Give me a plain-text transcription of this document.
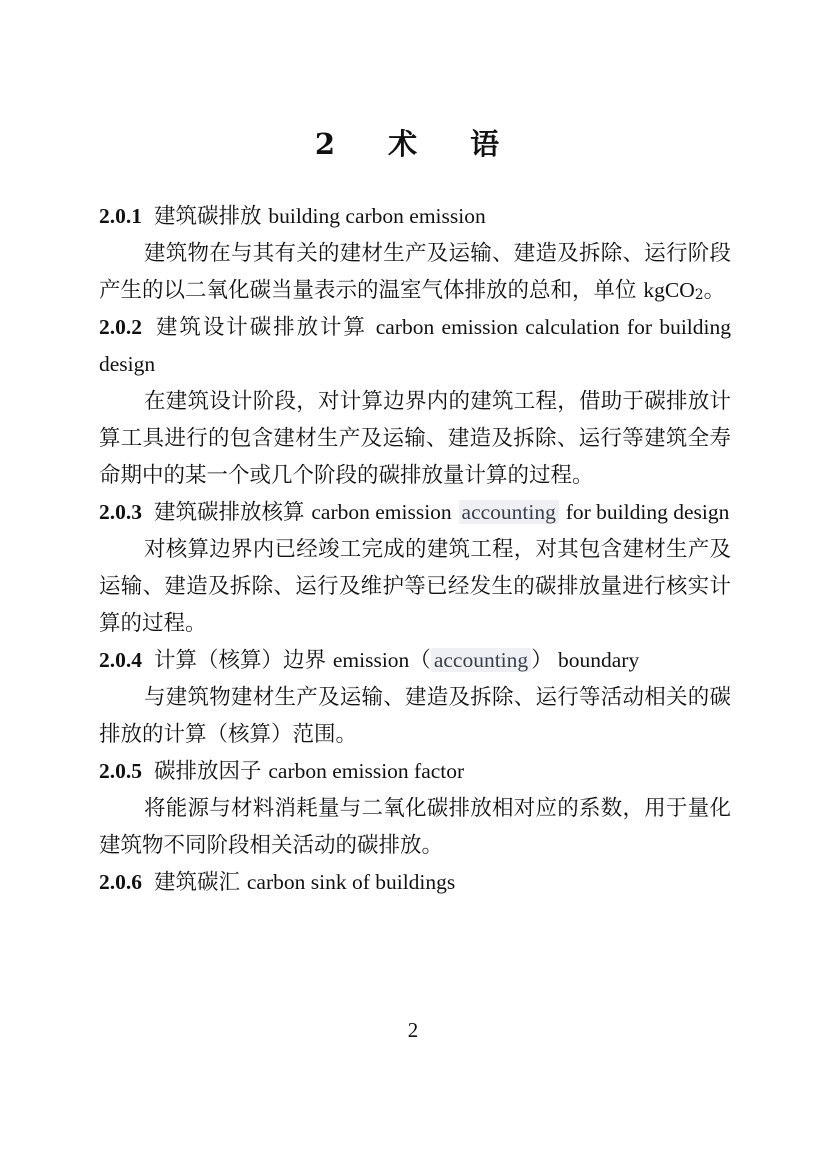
2　术　语

2.0.1 建筑碳排放 building carbon emission

建筑物在与其有关的建材生产及运输、建造及拆除、运行阶段产生的以二氧化碳当量表示的温室气体排放的总和，单位 kgCO$_2$。

2.0.2 建筑设计碳排放计算 carbon emission calculation for building design

在建筑设计阶段，对计算边界内的建筑工程，借助于碳排放计算工具进行的包含建材生产及运输、建造及拆除、运行等建筑全寿命期中的某一个或几个阶段的碳排放量计算的过程。

2.0.3 建筑碳排放核算 carbon emission accounting for building design

对核算边界内已经竣工完成的建筑工程，对其包含建材生产及运输、建造及拆除、运行及维护等已经发生的碳排放量进行核实计算的过程。

2.0.4 计算（核算）边界 emission（ accounting ） boundary

与建筑物建材生产及运输、建造及拆除、运行等活动相关的碳排放的计算（核算）范围。

2.0.5 碳排放因子 carbon emission factor

将能源与材料消耗量与二氧化碳排放相对应的系数，用于量化建筑物不同阶段相关活动的碳排放。

2.0.6 建筑碳汇 carbon sink of buildings

2
